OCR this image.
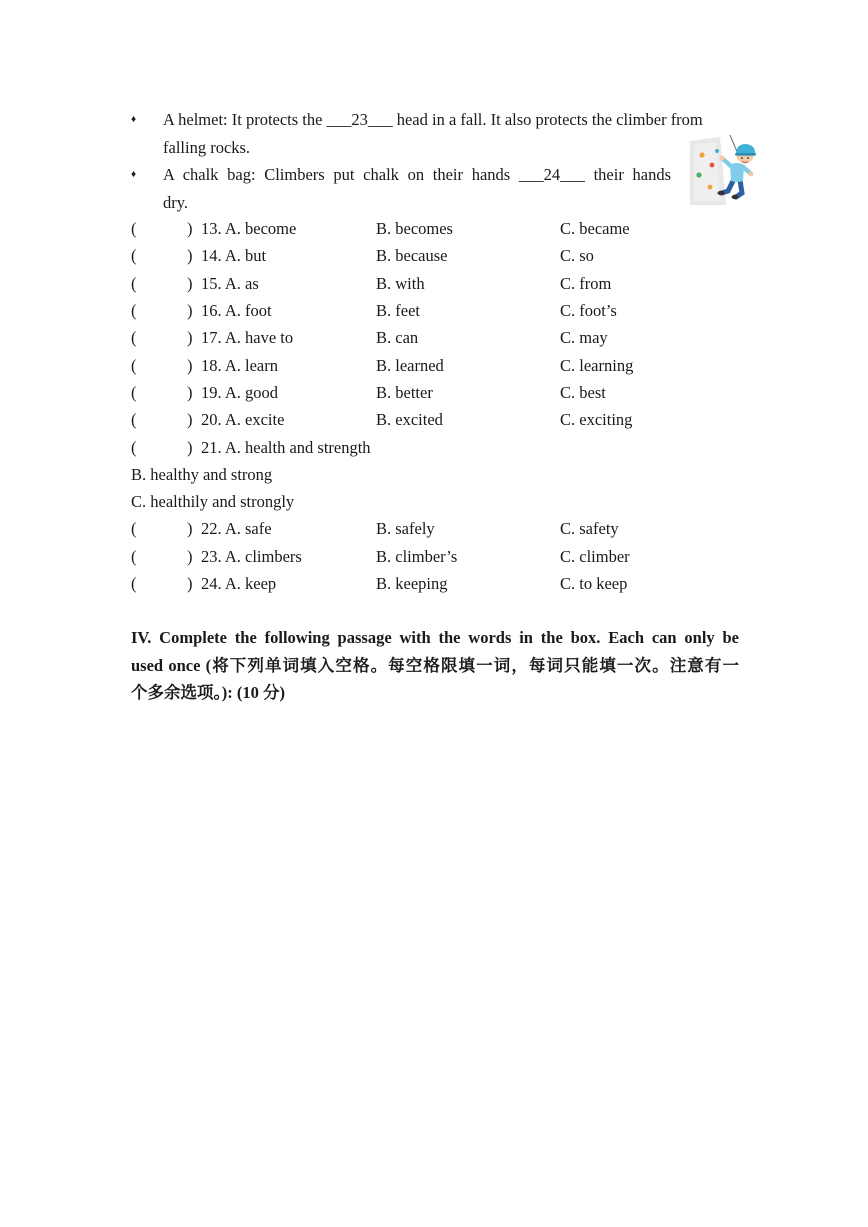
♦ A helmet: It protects the ___23___ head in a fall. It also protects the climber from
falling rocks.
♦ A chalk bag: Climbers put chalk on their hands ___24___ their hands
dry.
(	) 13. A. become	B. becomes	C. became
(	) 14. A. but	B. because	C. so
(	) 15. A. as	B. with	C. from
(	) 16. A. foot	B. feet	C. foot’s
(	) 17. A. have to	B. can	C. may
(	) 18. A. learn	B. learned	C. learning
(	) 19. A. good	B. better	C. best
(	) 20. A. excite	B. excited	C. exciting
(	) 21. A. health and strength
B. healthy and strong
C. healthily and strongly
(	) 22. A. safe	B. safely	C. safety
(	) 23. A. climbers	B. climber’s	C. climber
(	) 24. A. keep	B. keeping	C. to keep
IV. Complete the following passage with the words in the box. Each can only be
used once (将下列单词填入空格。每空格限填一词，每词只能填一次。注意有一
个多余选项。): (10 分)
